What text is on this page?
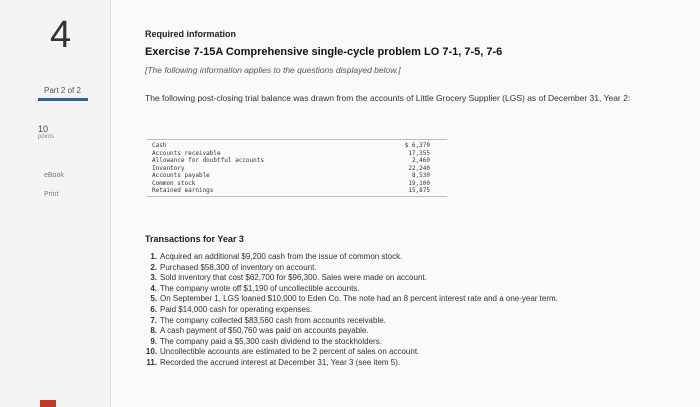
4
Part 2 of 2
10
points
eBook
Print
Required information
Exercise 7-15A Comprehensive single-cycle problem LO 7-1, 7-5, 7-6
[The following information applies to the questions displayed below.]
The following post-closing trial balance was drawn from the accounts of Little Grocery Supplier (LGS) as of December 31, Year 2:
Cash	$ 6,370
Accounts receivable	17,355
Allowance for doubtful accounts	2,460
Inventory	22,240
Accounts payable	8,530
Common stock	19,100
Retained earnings	15,875
Transactions for Year 3
1. Acquired an additional $9,200 cash from the issue of common stock.
2. Purchased $58,300 of inventory on account.
3. Sold inventory that cost $62,700 for $96,300. Sales were made on account.
4. The company wrote off $1,190 of uncollectible accounts.
5. On September 1, LGS loaned $10,000 to Eden Co. The note had an 8 percent interest rate and a one-year term.
6. Paid $14,000 cash for operating expenses.
7. The company collected $83,560 cash from accounts receivable.
8. A cash payment of $50,760 was paid on accounts payable.
9. The company paid a $5,300 cash dividend to the stockholders.
10. Uncollectible accounts are estimated to be 2 percent of sales on account.
11. Recorded the accrued interest at December 31, Year 3 (see item 5).
